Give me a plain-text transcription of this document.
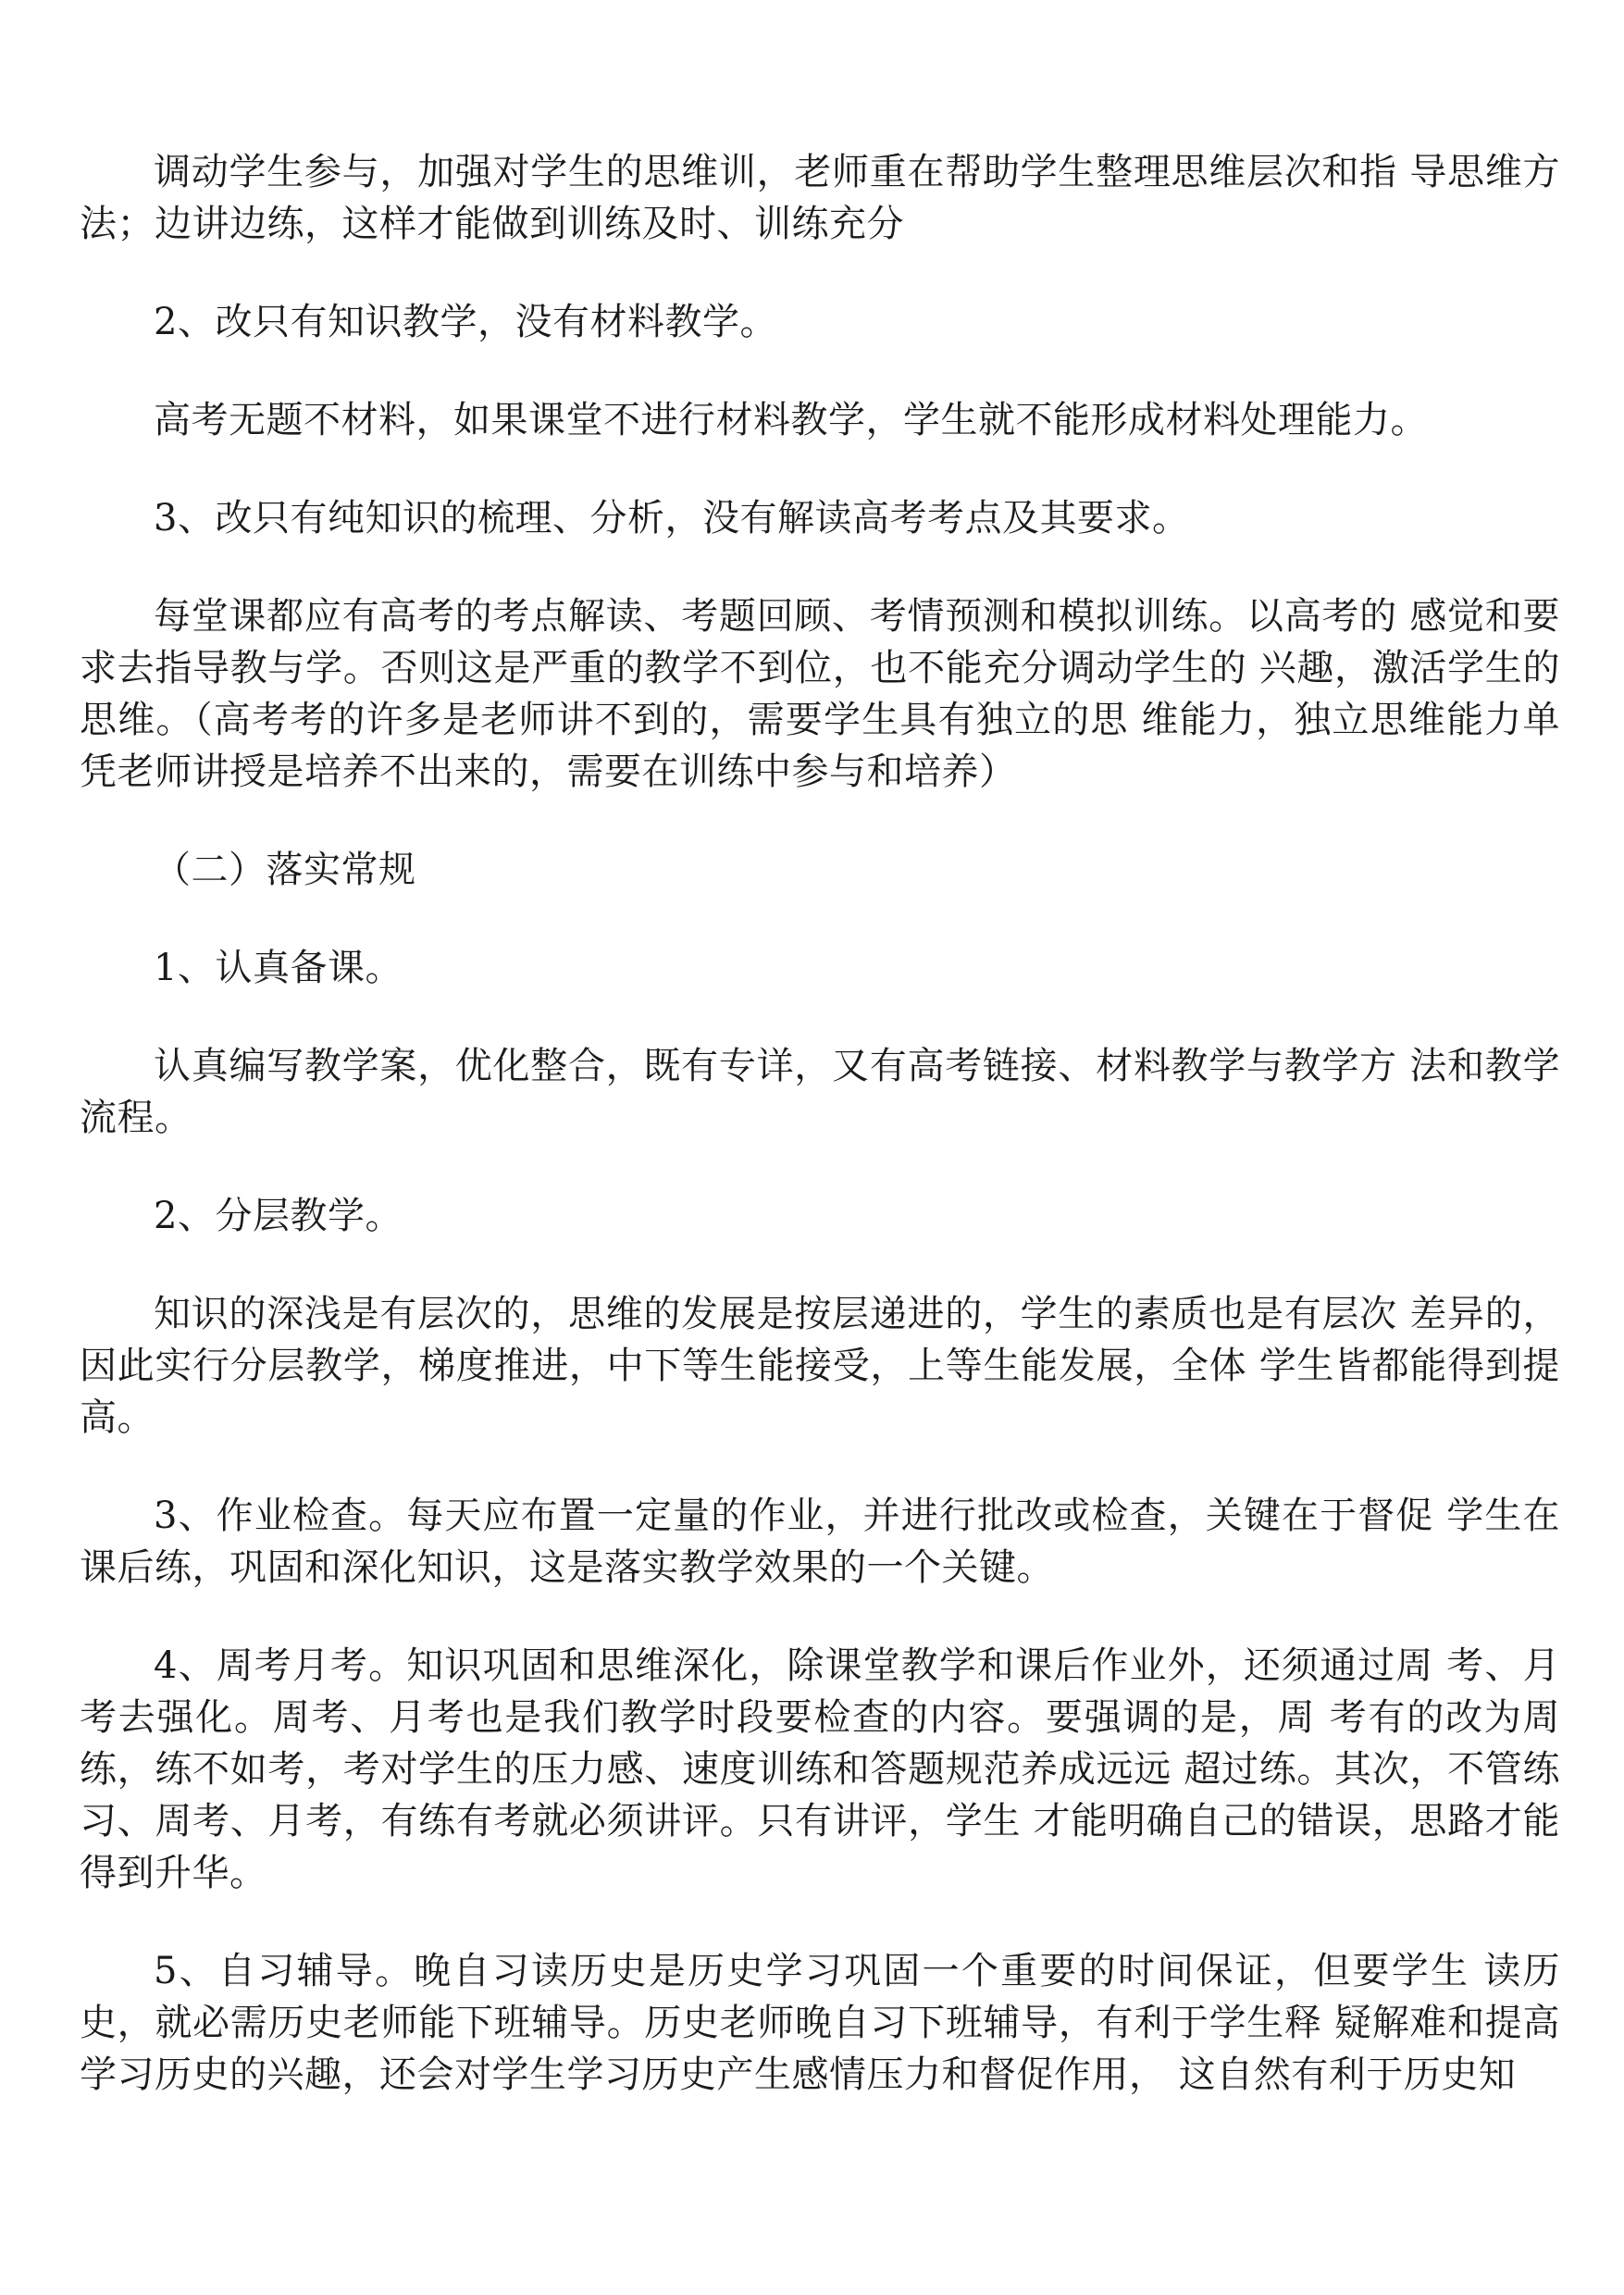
调动学生参与，加强对学生的思维训，老师重在帮助学生整理思维层次和指 导思维方法；边讲边练，这样才能做到训练及时、训练充分

2、改只有知识教学，没有材料教学。

高考无题不材料，如果课堂不进行材料教学，学生就不能形成材料处理能力。

3、改只有纯知识的梳理、分析，没有解读高考考点及其要求。

每堂课都应有高考的考点解读、考题回顾、考情预测和模拟训练。以高考的 感觉和要求去指导教与学。否则这是严重的教学不到位，也不能充分调动学生的 兴趣，激活学生的思维。（高考考的许多是老师讲不到的，需要学生具有独立的思 维能力，独立思维能力单凭老师讲授是培养不出来的，需要在训练中参与和培养）

（二）落实常规

1、认真备课。

认真编写教学案，优化整合，既有专详，又有高考链接、材料教学与教学方 法和教学流程。

2、分层教学。

知识的深浅是有层次的，思维的发展是按层递进的，学生的素质也是有层次 差异的，因此实行分层教学，梯度推进，中下等生能接受，上等生能发展，全体 学生皆都能得到提高。

3、作业检查。每天应布置一定量的作业，并进行批改或检查，关键在于督促 学生在课后练，巩固和深化知识，这是落实教学效果的一个关键。

4、周考月考。知识巩固和思维深化，除课堂教学和课后作业外，还须通过周 考、月考去强化。周考、月考也是我们教学时段要检查的内容。要强调的是，周 考有的改为周练，练不如考，考对学生的压力感、速度训练和答题规范养成远远 超过练。其次，不管练习、周考、月考，有练有考就必须讲评。只有讲评，学生 才能明确自己的错误，思路才能得到升华。

5、自习辅导。晚自习读历史是历史学习巩固一个重要的时间保证，但要学生 读历史，就必需历史老师能下班辅导。历史老师晚自习下班辅导，有利于学生释 疑解难和提高学习历史的兴趣，还会对学生学习历史产生感情压力和督促作用， 这自然有利于历史知
